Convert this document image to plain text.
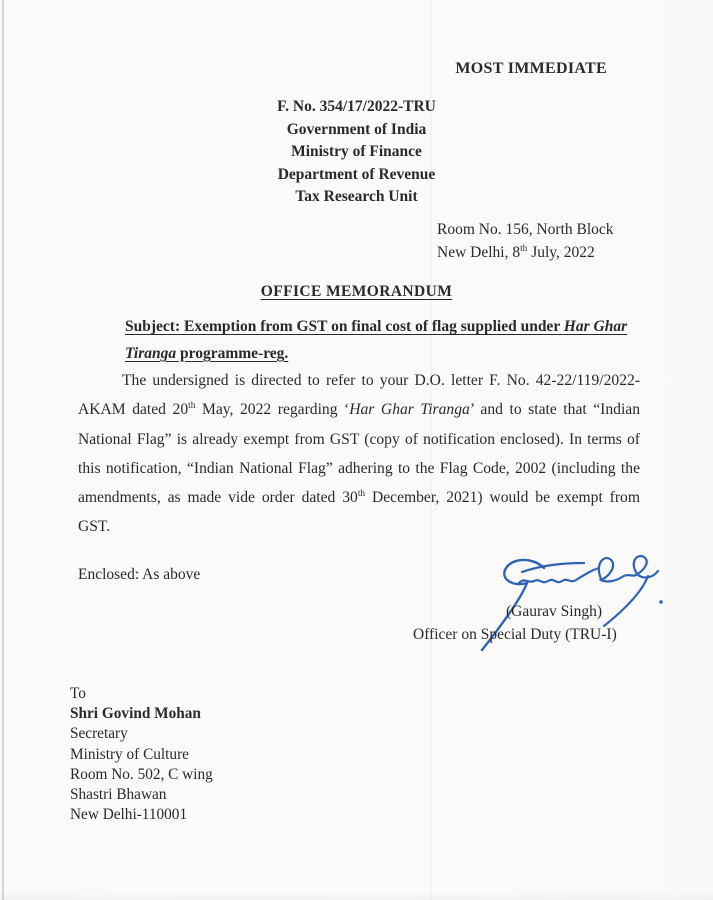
MOST IMMEDIATE
F. No. 354/17/2022-TRU
Government of India
Ministry of Finance
Department of Revenue
Tax Research Unit
Room No. 156, North Block
New Delhi, 8th July, 2022
OFFICE MEMORANDUM
Subject: Exemption from GST on final cost of flag supplied under Har Ghar Tiranga programme-reg.
The undersigned is directed to refer to your D.O. letter F. No. 42-22/119/2022-AKAM dated 20th May, 2022 regarding ‘Har Ghar Tiranga’ and to state that “Indian National Flag” is already exempt from GST (copy of notification enclosed). In terms of this notification, “Indian National Flag” adhering to the Flag Code, 2002 (including the amendments, as made vide order dated 30th December, 2021) would be exempt from GST.
Enclosed: As above
(Gaurav Singh)
Officer on Special Duty (TRU-I)
To
Shri Govind Mohan
Secretary
Ministry of Culture
Room No. 502, C wing
Shastri Bhawan
New Delhi-110001
